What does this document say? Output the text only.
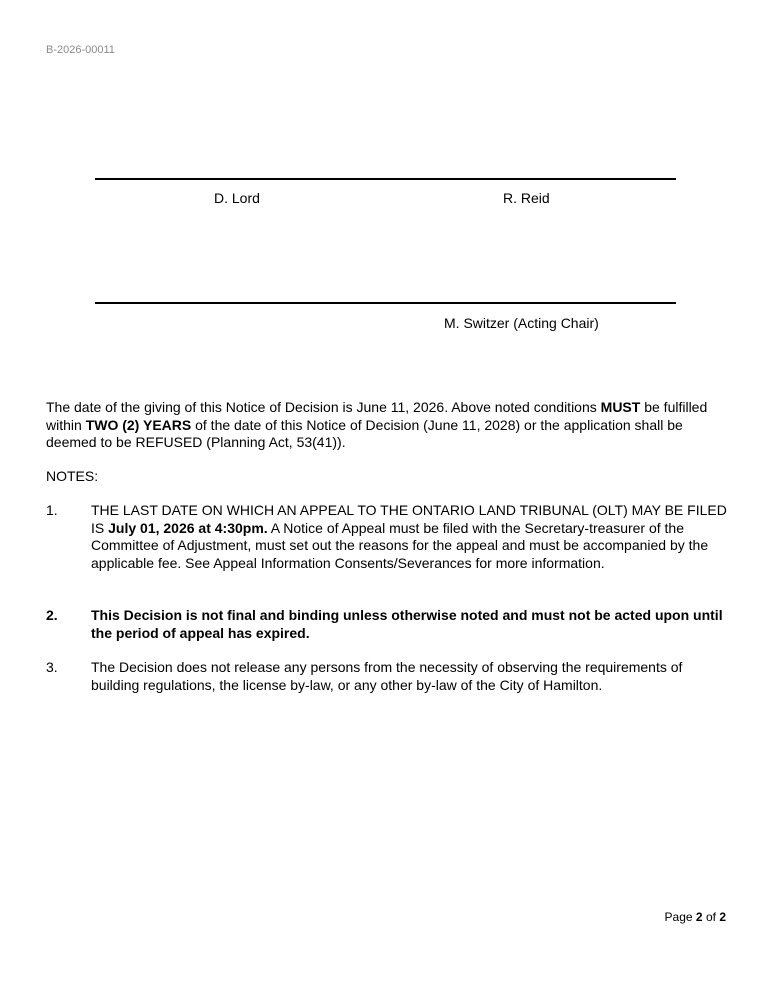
B-2026-00011
D. Lord	R. Reid
M. Switzer (Acting Chair)
The date of the giving of this Notice of Decision is June 11, 2026. Above noted conditions MUST be fulfilled within TWO (2) YEARS of the date of this Notice of Decision (June 11, 2028) or the application shall be deemed to be REFUSED (Planning Act, 53(41)).
NOTES:
1.	THE LAST DATE ON WHICH AN APPEAL TO THE ONTARIO LAND TRIBUNAL (OLT) MAY BE FILED IS July 01, 2026 at 4:30pm. A Notice of Appeal must be filed with the Secretary-treasurer of the Committee of Adjustment, must set out the reasons for the appeal and must be accompanied by the applicable fee. See Appeal Information Consents/Severances for more information.
2.	This Decision is not final and binding unless otherwise noted and must not be acted upon until the period of appeal has expired.
3.	The Decision does not release any persons from the necessity of observing the requirements of building regulations, the license by-law, or any other by-law of the City of Hamilton.
Page 2 of 2
